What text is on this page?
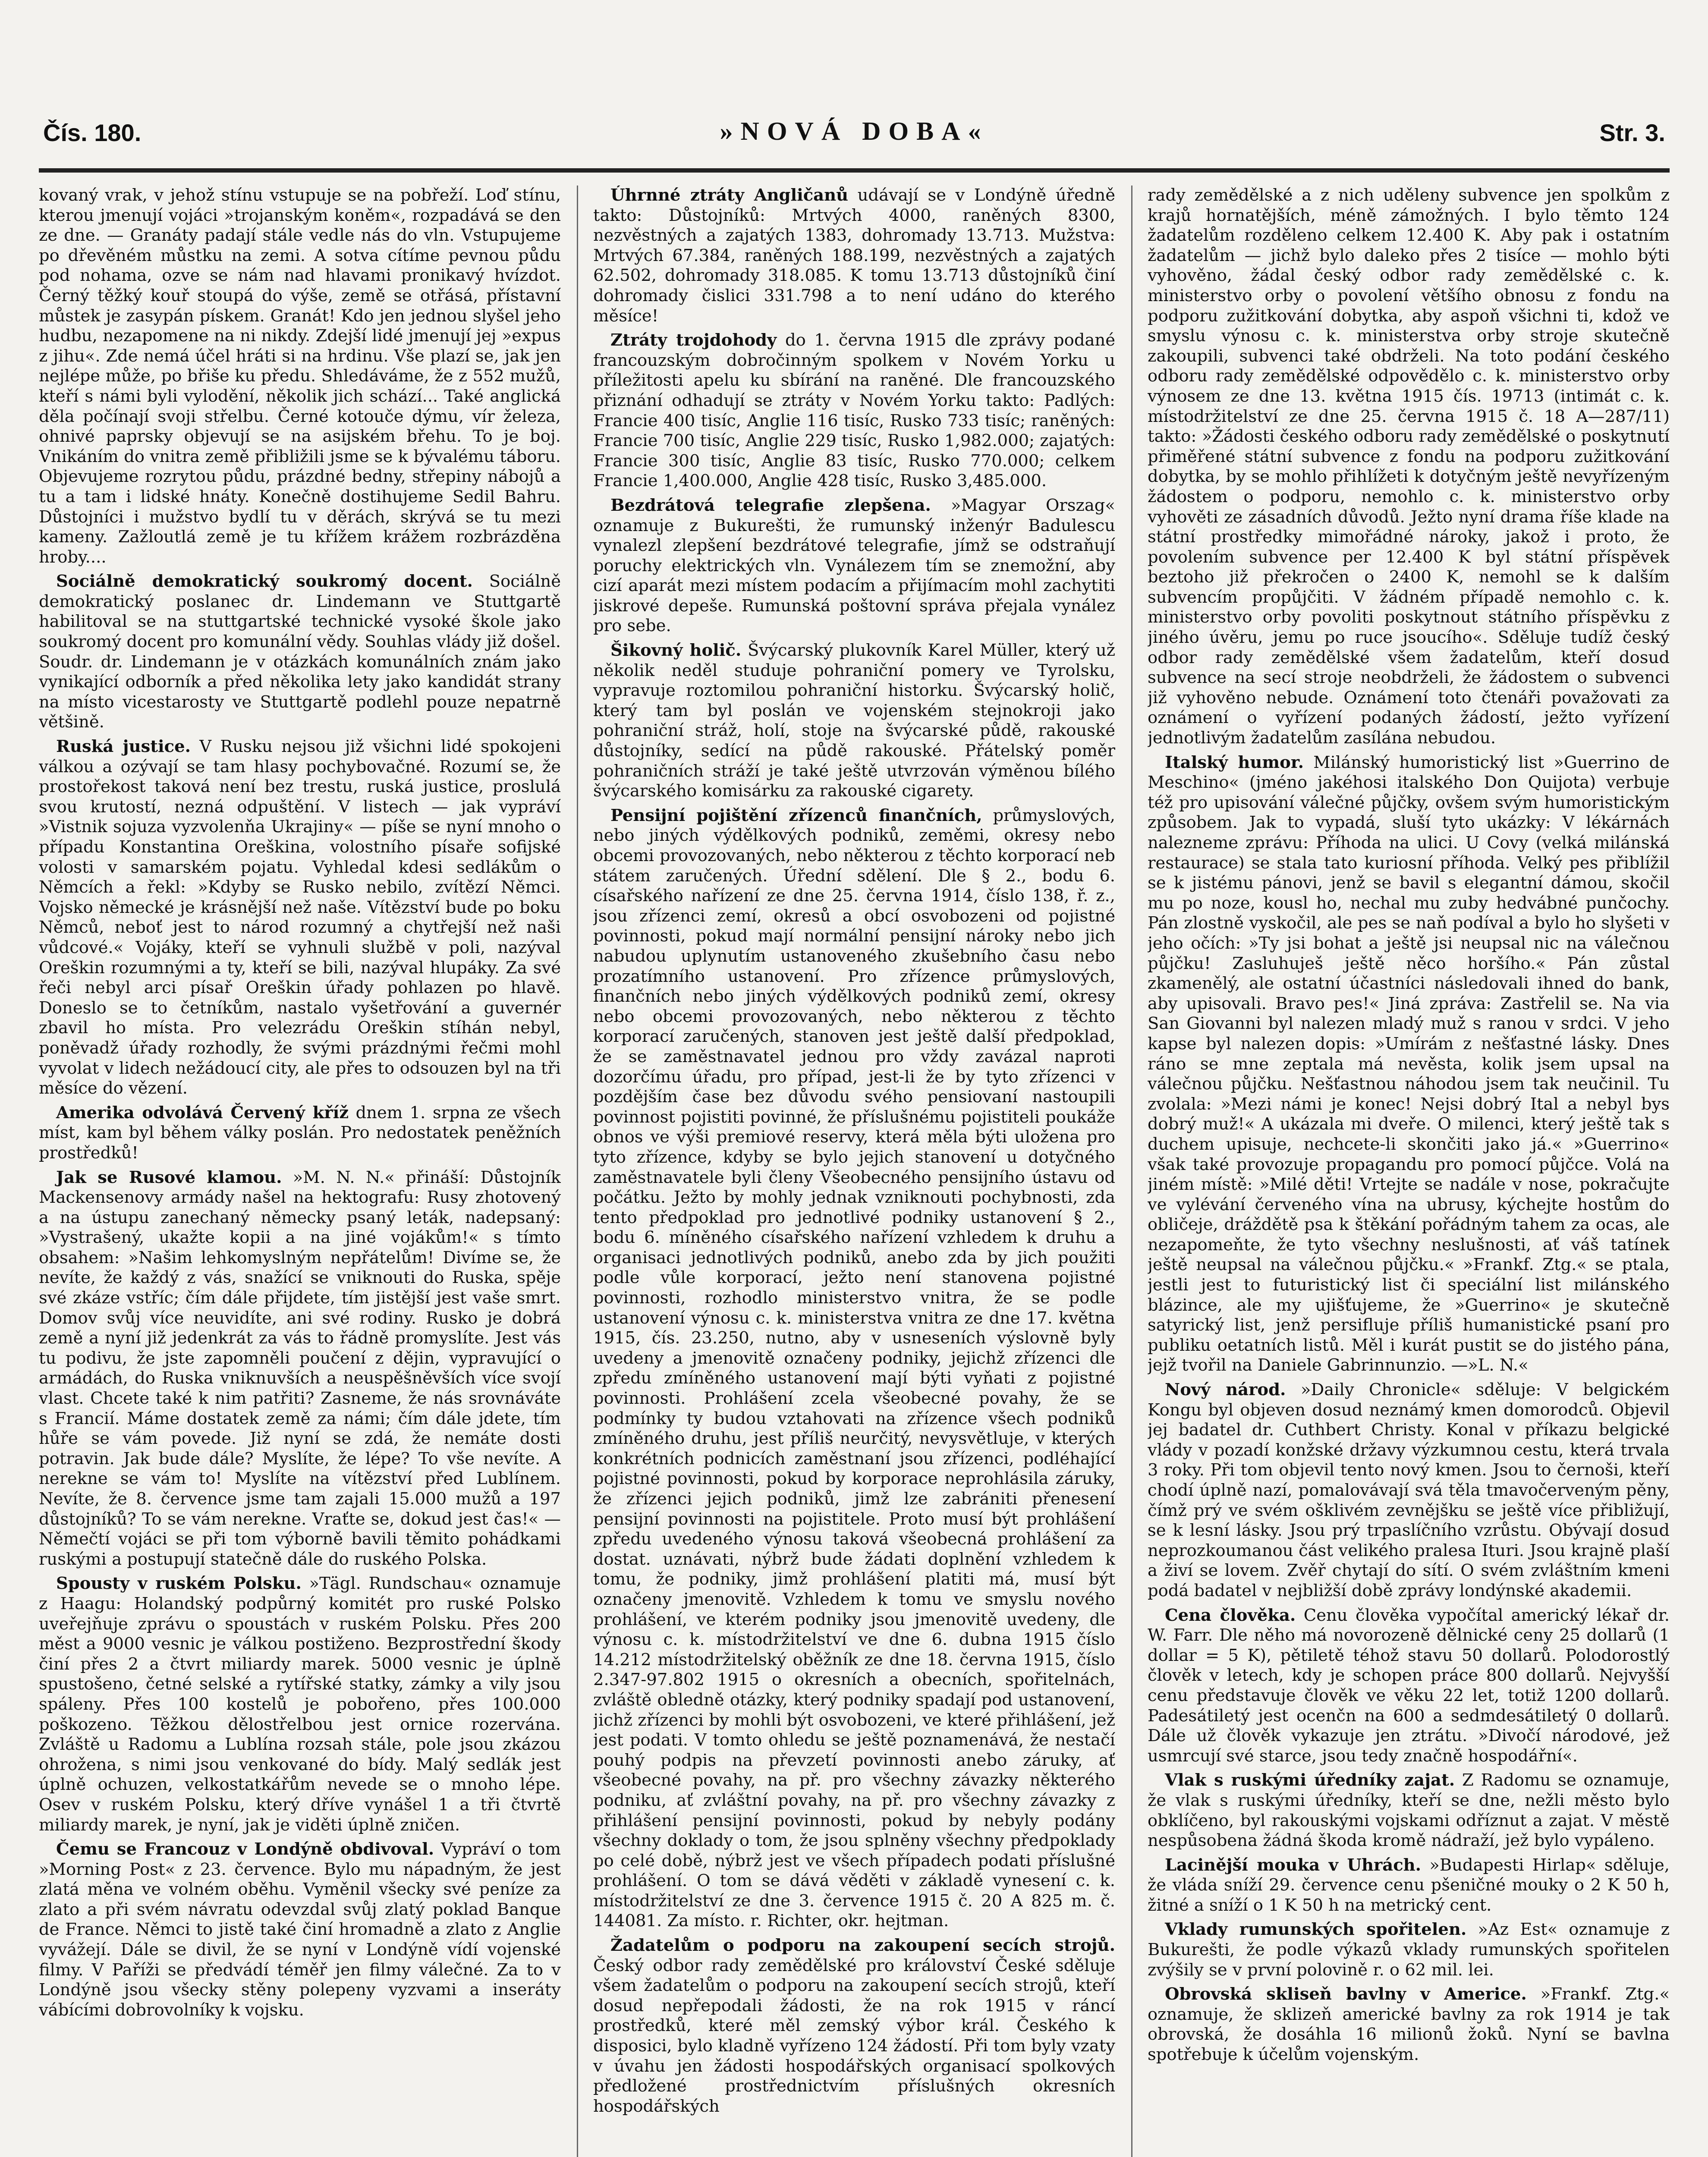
Čís. 180.	»NOVÁ DOBA«	Str. 3.

kovaný vrak, v jehož stínu vstupuje se na pobřeží. Loď stínu, kterou jmenují vojáci »trojanským koněm«, rozpadává se den ze dne. — Granáty padají stále vedle nás do vln. Vstupujeme po dřevěném můstku na zemi. A sotva cítíme pevnou půdu pod nohama, ozve se nám nad hlavami pronikavý hvízdot. Černý těžký kouř stoupá do výše, země se otřásá, přístavní můstek je zasypán pískem. Granát! Kdo jen jednou slyšel jeho hudbu, nezapomene na ni nikdy. Zdejší lidé jmenují jej »expus z jihu«. Zde nemá účel hráti si na hrdinu. Vše plazí se, jak jen nejlépe může, po břiše ku předu. Shledáváme, že z 552 mužů, kteří s námi byli vylodění, několik jich schází... Také anglická děla počínají svoji střelbu. Černé kotouče dýmu, vír železa, ohnivé paprsky objevují se na asijském břehu. To je boj. Vnikáním do vnitra země přibližili jsme se k bývalému táboru. Objevujeme rozrytou půdu, prázdné bedny, střepiny nábojů a tu a tam i lidské hnáty. Konečně dostihujeme Sedil Bahru. Důstojníci i mužstvo bydlí tu v děrách, skrývá se tu mezi kameny. Zažloutlá země je tu křížem krážem rozbrázděna hroby....

Sociálně demokratický soukromý docent. Sociálně demokratický poslanec dr. Lindemann ve Stuttgartě habilitoval se na stuttgartské technické vysoké škole jako soukromý docent pro komunální vědy. Souhlas vlády již došel. Soudr. dr. Lindemann je v otázkách komunálních znám jako vynikající odborník a před několika lety jako kandidát strany na místo vicestarosty ve Stuttgartě podlehl pouze nepatrně většině.

Ruská justice. V Rusku nejsou již všichni lidé spokojeni válkou a ozývají se tam hlasy pochybovačné. Rozumí se, že prostořekost taková není bez trestu, ruská justice, proslulá svou krutostí, nezná odpuštění. V listech — jak vypráví »Vistnik sojuza vyzvolenňa Ukrajiny« — píše se nyní mnoho o případu Konstantina Oreškina, volostního písaře sofijské volosti v samarském pojatu. Vyhledal kdesi sedlákům o Němcích a řekl: »Kdyby se Rusko nebilo, zvítězí Němci. Vojsko německé je krásnější než naše. Vítězství bude po boku Němců, neboť jest to národ rozumný a chytřejší než naši vůdcové.« Vojáky, kteří se vyhnuli službě v poli, nazýval Oreškin rozumnými a ty, kteří se bili, nazýval hlupáky. Za své řeči nebyl arci písař Oreškin úřady pohlazen po hlavě. Doneslo se to četníkům, nastalo vyšetřování a guvernér zbavil ho místa. Pro velezrádu Oreškin stíhán nebyl, poněvadž úřady rozhodly, že svými prázdnými řečmi mohl vyvolat v lidech nežádoucí city, ale přes to odsouzen byl na tři měsíce do vězení.

Amerika odvolává Červený kříž dnem 1. srpna ze všech míst, kam byl během války poslán. Pro nedostatek peněžních prostředků!

Jak se Rusové klamou. »M. N. N.« přináší: Důstojník Mackensenovy armády našel na hektografu: Rusy zhotovený a na ústupu zanechaný německy psaný leták, nadepsaný: »Vystrašený, ukažte kopii a na jiné vojákům!« s tímto obsahem: »Našim lehkomyslným nepřátelům! Divíme se, že nevíte, že každý z vás, snažící se vniknouti do Ruska, spěje své zkáze vstříc; čím dále přijdete, tím jistější jest vaše smrt. Domov svůj více neuvidíte, ani své rodiny. Rusko je dobrá země a nyní již jedenkrát za vás to řádně promyslíte. Jest vás tu podivu, že jste zapomněli poučení z dějin, vypravující o armádách, do Ruska vniknuvších a neuspěšněvších více svojí vlast. Chcete také k nim patřiti? Zasneme, že nás srovnáváte s Francií. Máme dostatek země za námi; čím dále jdete, tím hůře se vám povede. Již nyní se zdá, že nemáte dosti potravin. Jak bude dále? Myslíte, že lépe? To vše nevíte. A nerekne se vám to! Myslíte na vítězství před Lublínem. Nevíte, že 8. července jsme tam zajali 15.000 mužů a 197 důstojníků? To se vám nerekne. Vraťte se, dokud jest čas!« — Němečtí vojáci se při tom výborně bavili těmito pohádkami ruskými a postupují statečně dále do ruského Polska.

Spousty v ruském Polsku. »Tägl. Rundschau« oznamuje z Haagu: Holandský podpůrný komitét pro ruské Polsko uveřejňuje zprávu o spoustách v ruském Polsku. Přes 200 měst a 9000 vesnic je válkou postiženo. Bezprostřední škody činí přes 2 a čtvrt miliardy marek. 5000 vesnic je úplně spustošeno, četné selské a rytířské statky, zámky a vily jsou spáleny. Přes 100 kostelů je pobořeno, přes 100.000 poškozeno. Těžkou dělostřelbou jest ornice rozervána. Zvláště u Radomu a Lublína rozsah stále, pole jsou zkázou ohrožena, s nimi jsou venkované do bídy. Malý sedlák jest úplně ochuzen, velkostatkářům nevede se o mnoho lépe. Osev v ruském Polsku, který dříve vynášel 1 a tři čtvrtě miliardy marek, je nyní, jak je viděti úplně zničen.

Čemu se Francouz v Londýně obdivoval. Vypráví o tom »Morning Post« z 23. července. Bylo mu nápadným, že jest zlatá měna ve volném oběhu. Vyměnil všecky své peníze za zlato a při svém návratu odevzdal svůj zlatý poklad Banque de France. Němci to jistě také činí hromadně a zlato z Anglie vyvážejí. Dále se divil, že se nyní v Londýně vídí vojenské filmy. V Paříži se předvádí téměř jen filmy válečné. Za to v Londýně jsou všecky stěny polepeny vyzvami a inseráty vábícími dobrovolníky k vojsku.

Úhrnné ztráty Angličanů udávají se v Londýně úředně takto: Důstojníků: Mrtvých 4000, raněných 8300, nezvěstných a zajatých 1383, dohromady 13.713. Mužstva: Mrtvých 67.384, raněných 188.199, nezvěstných a zajatých 62.502, dohromady 318.085. K tomu 13.713 důstojníků činí dohromady čislici 331.798 a to není udáno do kterého měsíce!

Ztráty trojdohody do 1. června 1915 dle zprávy podané francouzským dobročinným spolkem v Novém Yorku u příležitosti apelu ku sbírání na raněné. Dle francouzského přiznání odhadují se ztráty v Novém Yorku takto: Padlých: Francie 400 tisíc, Anglie 116 tisíc, Rusko 733 tisíc; raněných: Francie 700 tisíc, Anglie 229 tisíc, Rusko 1,982.000; zajatých: Francie 300 tisíc, Anglie 83 tisíc, Rusko 770.000; celkem Francie 1,400.000, Anglie 428 tisíc, Rusko 3,485.000.

Bezdrátová telegrafie zlepšena. »Magyar Orszag« oznamuje z Bukurešti, že rumunský inženýr Badulescu vynalezl zlepšení bezdrátové telegrafie, jímž se odstraňují poruchy elektrických vln. Vynálezem tím se znemožní, aby cizí aparát mezi místem podacím a přijímacím mohl zachytiti jiskrové depeše. Rumunská poštovní správa přejala vynález pro sebe.

Šikovný holič. Švýcarský plukovník Karel Müller, který už několik neděl studuje pohraniční pomery ve Tyrolsku, vypravuje roztomilou pohraniční historku. Švýcarský holič, který tam byl poslán ve vojenském stejnokroji jako pohraniční stráž, holí, stoje na švýcarské půdě, rakouské důstojníky, sedící na půdě rakouské. Přátelský poměr pohraničních stráží je také ještě utvrzován výměnou bílého švýcarského komisárku za rakouské cigarety.

Pensijní pojištění zřízenců finančních, průmyslových, nebo jiných výdělkových podniků, zeměmi, okresy nebo obcemi provozovaných, nebo některou z těchto korporací neb státem zaručených. Úřední sdělení. Dle § 2., bodu 6. císařského nařízení ze dne 25. června 1914, číslo 138, ř. z., jsou zřízenci zemí, okresů a obcí osvobozeni od pojistné povinnosti, pokud mají normální pensijní nároky nebo jich nabudou uplynutím ustanoveného zkušebního času nebo prozatímního ustanovení. Pro zřízence průmyslových, finančních nebo jiných výdělkových podniků zemí, okresy nebo obcemi provozovaných, nebo některou z těchto korporací zaručených, stanoven jest ještě další předpoklad, že se zaměstnavatel jednou pro vždy zavázal naproti dozorčímu úřadu, pro případ, jest-li že by tyto zřízenci v pozdějším čase bez důvodu svého pensiovaní nastoupili povinnost pojistiti povinné, že příslušnému pojistiteli poukáže obnos ve výši premiové reservy, která měla býti uložena pro tyto zřízence, kdyby se bylo jejich stanovení u dotyčného zaměstnavatele byli členy Všeobecného pensijního ústavu od počátku. Ježto by mohly jednak vzniknouti pochybnosti, zda tento předpoklad pro jednotlivé podniky ustanovení § 2., bodu 6. míněného císařského nařízení vzhledem k druhu a organisaci jednotlivých podniků, anebo zda by jich použiti podle vůle korporací, ježto není stanovena pojistné povinnosti, rozhodlo ministerstvo vnitra, že se podle ustanovení výnosu c. k. ministerstva vnitra ze dne 17. května 1915, čís. 23.250, nutno, aby v usneseních výslovně byly uvedeny a jmenovitě označeny podniky, jejichž zřízenci dle zpředu zmíněného ustanovení mají býti vyňati z pojistné povinnosti. Prohlášení zcela všeobecné povahy, že se podmínky ty budou vztahovati na zřízence všech podniků zmíněného druhu, jest příliš neurčitý, nevysvětluje, v kterých konkrétních podnicích zaměstnaní jsou zřízenci, podléhající pojistné povinnosti, pokud by korporace neprohlásila záruky, že zřízenci jejich podniků, jimž lze zabrániti přenesení pensijní povinnosti na pojistitele. Proto musí být prohlášení zpředu uvedeného výnosu taková všeobecná prohlášení za dostat. uznávati, nýbrž bude žádati doplnění vzhledem k tomu, že podniky, jimž prohlášení platiti má, musí být označeny jmenovitě. Vzhledem k tomu ve smyslu nového prohlášení, ve kterém podniky jsou jmenovitě uvedeny, dle výnosu c. k. místodržitelství ve dne 6. dubna 1915 číslo 14.212 místodržitelský oběžník ze dne 18. června 1915, číslo 2.347-97.802 1915 o okresních a obecních, spořitelnách, zvláště obledně otázky, který podniky spadají pod ustanovení, jichž zřízenci by mohli být osvobozeni, ve které přihlášení, jež jest podati. V tomto ohledu se ještě poznamenává, že nestačí pouhý podpis na převzetí povinnosti anebo záruky, ať všeobecné povahy, na př. pro všechny závazky některého podniku, ať zvláštní povahy, na př. pro všechny závazky z přihlášení pensijní povinnosti, pokud by nebyly podány všechny doklady o tom, že jsou splněny všechny předpoklady po celé době, nýbrž jest ve všech případech podati příslušné prohlášení. O tom se dává věděti v základě vynesení c. k. místodržitelství ze dne 3. července 1915 č. 20 A 825 m. č. 144081. Za místo. r. Richter, okr. hejtman.

Žadatelům o podporu na zakoupení secích strojů. Český odbor rady zemědělské pro království České sděluje všem žadatelům o podporu na zakoupení secích strojů, kteří dosud nepřepodali žádosti, že na rok 1915 v ráncí prostředků, které měl zemský výbor král. Českého k disposici, bylo kladně vyřízeno 124 žádostí. Při tom byly vzaty v úvahu jen žádosti hospodářských organisací spolkových předložené prostřednictvím příslušných okresních hospodářských

rady zemědělské a z nich uděleny subvence jen spolkům z krajů hornatějších, méně zámožných. I bylo těmto 124 žadatelům rozděleno celkem 12.400 K. Aby pak i ostatním žadatelům — jichž bylo daleko přes 2 tisíce — mohlo býti vyhověno, žádal český odbor rady zemědělské c. k. ministerstvo orby o povolení většího obnosu z fondu na podporu zužitkování dobytka, aby aspoň všichni ti, kdož ve smyslu výnosu c. k. ministerstva orby stroje skutečně zakoupili, subvenci také obdrželi. Na toto podání českého odboru rady zemědělské odpovědělo c. k. ministerstvo orby výnosem ze dne 13. května 1915 čís. 19713 (intimát c. k. místodržitelství ze dne 25. června 1915 č. 18 A—287/11) takto: »Žádosti českého odboru rady zemědělské o poskytnutí přiměřené státní subvence z fondu na podporu zužitkování dobytka, by se mohlo přihlížeti k dotyčným ještě nevyřízeným žádostem o podporu, nemohlo c. k. ministerstvo orby vyhověti ze zásadních důvodů. Ježto nyní drama říše klade na státní prostředky mimořádné nároky, jakož i proto, že povolením subvence per 12.400 K byl státní příspěvek beztoho již překročen o 2400 K, nemohl se k dalším subvencím propůjčiti. V žádném případě nemohlo c. k. ministerstvo orby povoliti poskytnout státního příspěvku z jiného úvěru, jemu po ruce jsoucího«. Sděluje tudíž český odbor rady zemědělské všem žadatelům, kteří dosud subvence na secí stroje neobdrželi, že žádostem o subvenci již vyhověno nebude. Oznámení toto čtenáři považovati za oznámení o vyřízení podaných žádostí, ježto vyřízení jednotlivým žadatelům zasílána nebudou.

Italský humor. Milánský humoristický list »Guerrino de Meschino« (jméno jakéhosi italského Don Quijota) verbuje též pro upisování válečné půjčky, ovšem svým humoristickým způsobem. Jak to vypadá, sluší tyto ukázky: V lékárnách nalezneme zprávu: Příhoda na ulici. U Covy (velká milánská restaurace) se stala tato kuriosní příhoda. Velký pes přiblížil se k jistému pánovi, jenž se bavil s elegantní dámou, skočil mu po noze, kousl ho, nechal mu zuby hedvábné punčochy. Pán zlostně vyskočil, ale pes se naň podíval a bylo ho slyšeti v jeho očích: »Ty jsi bohat a ještě jsi neupsal nic na válečnou půjčku! Zasluhuješ ještě něco horšího.« Pán zůstal zkamenělý, ale ostatní účastníci následovali ihned do bank, aby upisovali. Bravo pes!« Jiná zpráva: Zastřelil se. Na via San Giovanni byl nalezen mladý muž s ranou v srdci. V jeho kapse byl nalezen dopis: »Umírám z nešťastné lásky. Dnes ráno se mne zeptala má nevěsta, kolik jsem upsal na válečnou půjčku. Nešťastnou náhodou jsem tak neučinil. Tu zvolala: »Mezi námi je konec! Nejsi dobrý Ital a nebyl bys dobrý muž!« A ukázala mi dveře. O milenci, který ještě tak s duchem upisuje, nechcete-li skončiti jako já.« »Guerrino« však také provozuje propagandu pro pomocí půjčce. Volá na jiném místě: »Milé děti! Vrtejte se nadále v nose, pokračujte ve vylévání červeného vína na ubrusy, kýchejte hostům do obličeje, dráždětě psa k štěkání pořádným tahem za ocas, ale nezapomeňte, že tyto všechny neslušnosti, ať váš tatínek ještě neupsal na válečnou půjčku.« »Frankf. Ztg.« se ptala, jestli jest to futuristický list či speciální list milánského blázince, ale my ujišťujeme, že »Guerrino« je skutečně satyrický list, jenž persifluje příliš humanistické psaní pro publiku oetatních listů. Měl i kurát pustit se do jistého pána, jejž tvořil na Daniele Gabrinnunzio. —»L. N.«

Nový národ. »Daily Chronicle« sděluje: V belgickém Kongu byl objeven dosud neznámý kmen domorodců. Objevil jej badatel dr. Cuthbert Christy. Konal v příkazu belgické vlády v pozadí konžské državy výzkumnou cestu, která trvala 3 roky. Při tom objevil tento nový kmen. Jsou to černoši, kteří chodí úplně nazí, pomalovávají svá těla tmavočerveným pěny, čímž prý ve svém ošklivém zevnějšku se ještě více přibližují, se k lesní lásky. Jsou prý trpaslíčního vzrůstu. Obývají dosud neprozkoumanou část velikého pralesa Ituri. Jsou krajně plaší a živí se lovem. Zvěř chytají do sítí. O svém zvláštním kmeni podá badatel v nejbližší době zprávy londýnské akademii.

Cena člověka. Cenu člověka vypočítal americký lékař dr. W. Farr. Dle něho má novorozeně dělnické ceny 25 dollarů (1 dollar = 5 K), pětiletě téhož stavu 50 dollarů. Polodorostlý člověk v letech, kdy je schopen práce 800 dollarů. Nejvyšší cenu představuje člověk ve věku 22 let, totiž 1200 dollarů. Padesátiletý jest ocenčn na 600 a sedmdesátiletý 0 dollarů. Dále už člověk vykazuje jen ztrátu. »Divočí národové, jež usmrcují své starce, jsou tedy značně hospodářní«.

Vlak s ruskými úředníky zajat. Z Radomu se oznamuje, že vlak s ruskými úředníky, kteří se dne, nežli město bylo obklíčeno, byl rakouskými vojskami odříznut a zajat. V městě nespůsobena žádná škoda kromě nádraží, jež bylo vypáleno.

Lacinější mouka v Uhrách. »Budapesti Hirlap« sděluje, že vláda sníží 29. července cenu pšeničné mouky o 2 K 50 h, žitné a sníží o 1 K 50 h na metrický cent.

Vklady rumunských spořitelen. »Az Est« oznamuje z Bukurešti, že podle výkazů vklady rumunských spořitelen zvýšily se v první polovině r. o 62 mil. lei.

Obrovská skliseň bavlny v Americe. »Frankf. Ztg.« oznamuje, že sklizeň americké bavlny za rok 1914 je tak obrovská, že dosáhla 16 milionů žoků. Nyní se bavlna spotřebuje k účelům vojenským.
